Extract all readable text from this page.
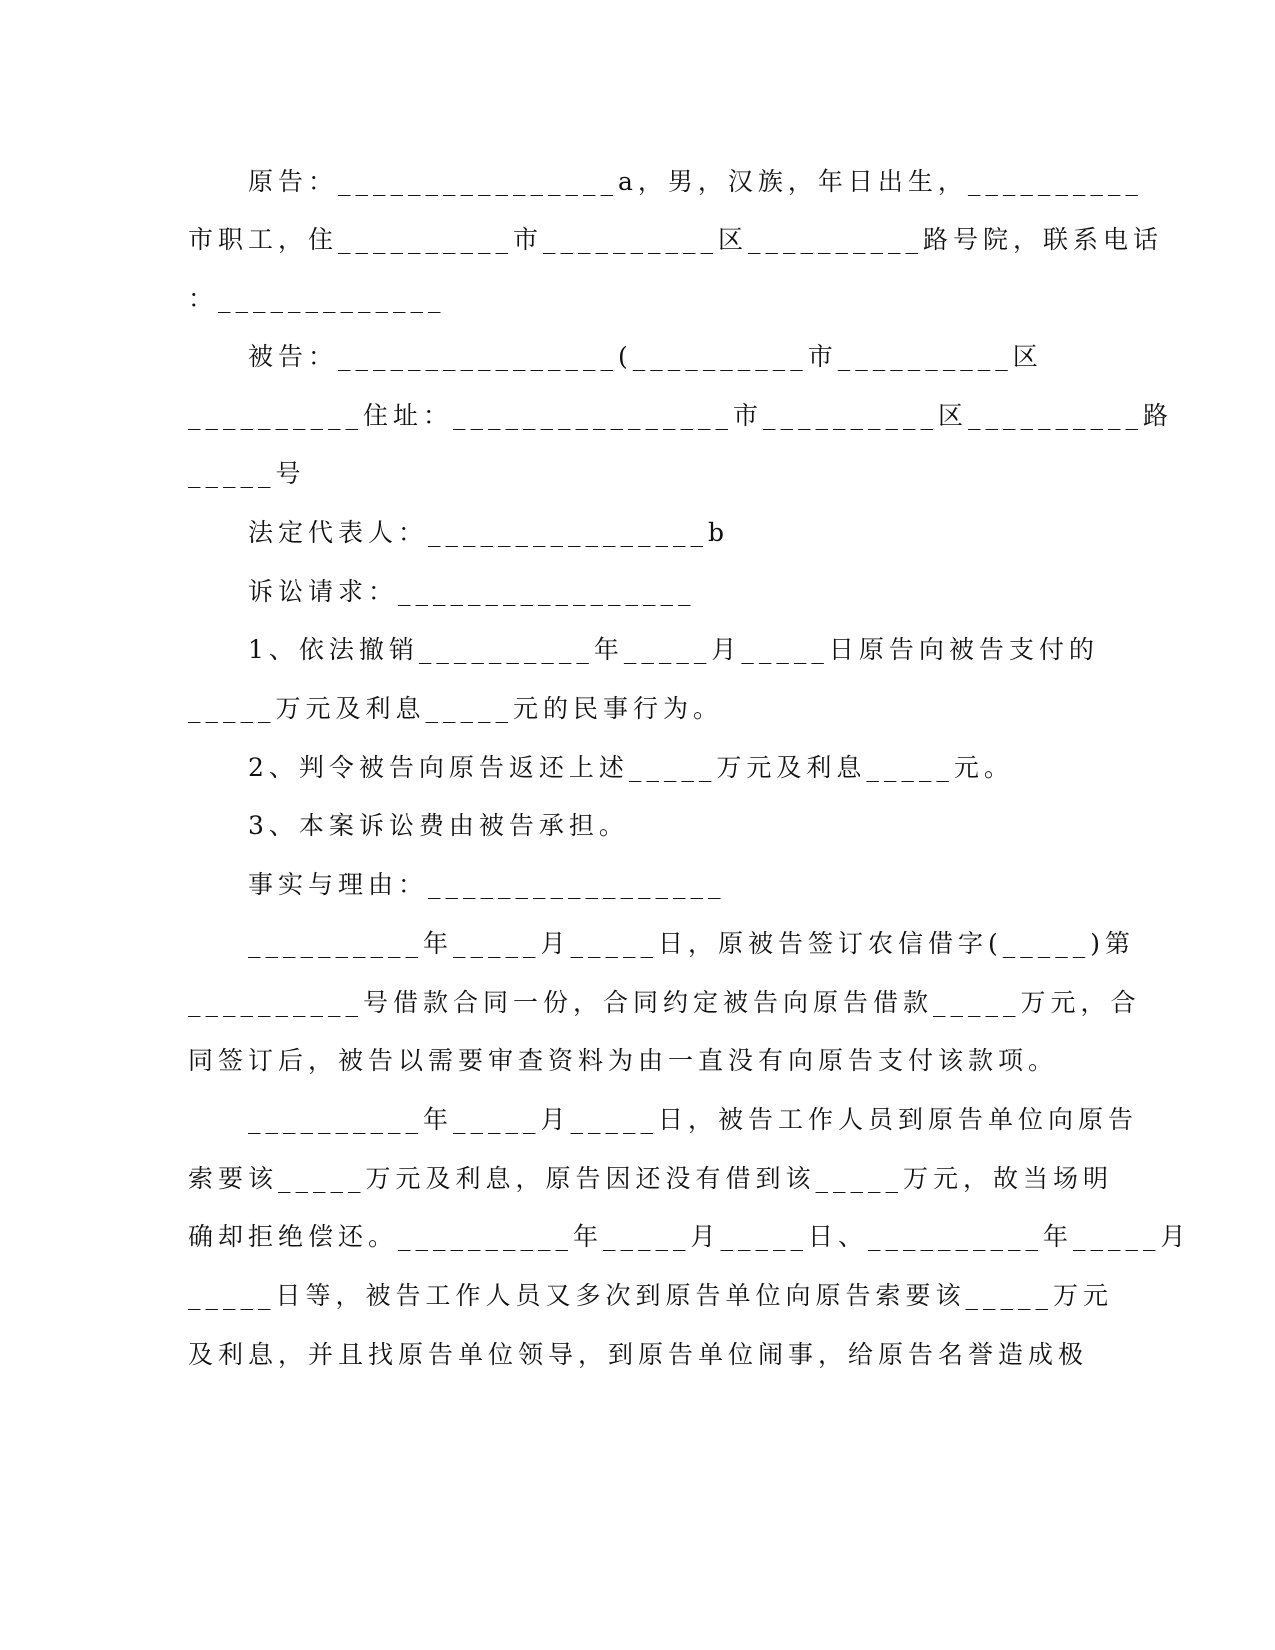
　　原告：________________a，男，汉族，年日出生，__________
市职工，住__________市__________区__________路号院，联系电话
：_____________
　　被告：________________(__________市__________区
__________住址：________________市__________区__________路
_____号
　　法定代表人：________________b
　　诉讼请求：_________________
　　1、依法撤销__________年_____月_____日原告向被告支付的
_____万元及利息_____元的民事行为。
　　2、判令被告向原告返还上述_____万元及利息_____元。
　　3、本案诉讼费由被告承担。
　　事实与理由：_________________
　　__________年_____月_____日，原被告签订农信借字(_____)第
__________号借款合同一份，合同约定被告向原告借款_____万元，合
同签订后，被告以需要审查资料为由一直没有向原告支付该款项。
　　__________年_____月_____日，被告工作人员到原告单位向原告
索要该_____万元及利息，原告因还没有借到该_____万元，故当场明
确却拒绝偿还。__________年_____月_____日、__________年_____月
_____日等，被告工作人员又多次到原告单位向原告索要该_____万元
及利息，并且找原告单位领导，到原告单位闹事，给原告名誉造成极
